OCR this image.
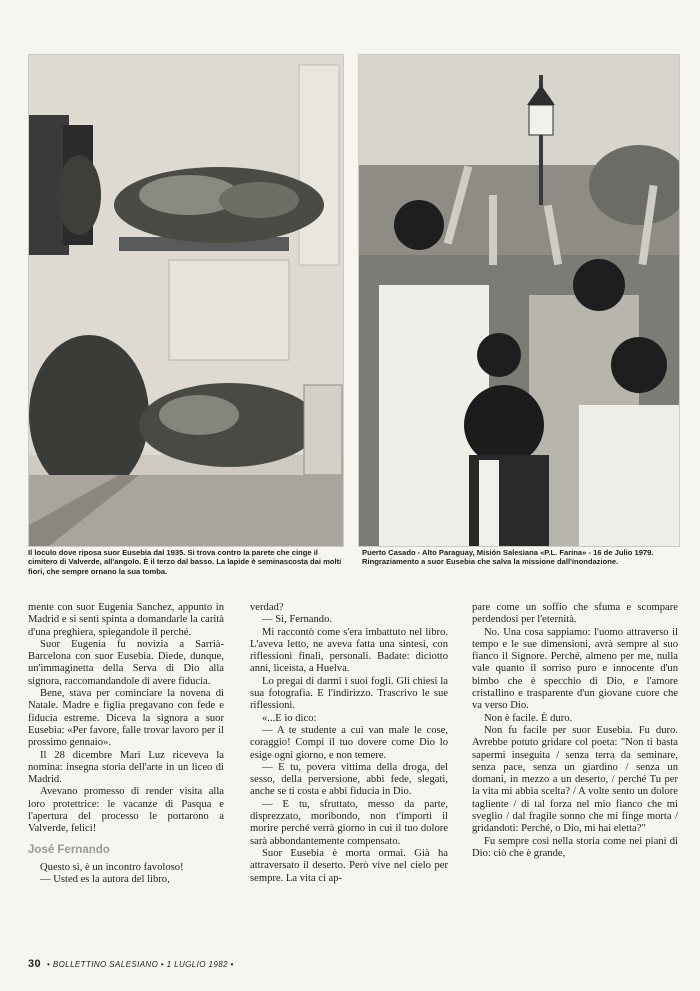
Il loculo dove riposa suor Eusebia dal 1935. Si trova contro la parete che cinge il cimitero di Valverde, all'angolo. È il terzo dal basso. La lapide è seminascosta dai molti fiori, che sempre ornano la sua tomba.
Puerto Casado - Alto Paraguay, Misión Salesiana «P.L. Farina» - 16 de Julio 1979.
Ringraziamento a suor Eusebia che salva la missione dall'inondazione.

mente con suor Eugenia Sanchez, appunto in Madrid e si sentì spinta a domandarle la carità d'una preghiera, spiegandole il perché.

Suor Eugenia fu novizia a Sarrià-Barcelona con suor Eusebia. Diede, dunque, un'immaginetta della Serva di Dio alla signora, raccomandandole di avere fiducia.

Bene, stava per cominciare la novena di Natale. Madre e figlia pregavano con fede e fiducia estreme. Diceva la signora a suor Eusebia: «Per favore, falle trovar lavoro per il prossimo gennaio».

Il 28 dicembre Mari Luz riceveva la nomina: insegna storia dell'arte in un liceo di Madrid.

Avevano promesso di render visita alla loro protettrice: le vacanze di Pasqua e l'apertura del processo le portarono a Valverde, felici!

José Fernando

Questo sì, è un incontro favoloso!

— Usted es la autora del libro,

verdad?

— Sì, Fernando.

Mi raccontò come s'era imbattuto nel libro. L'aveva letto, ne aveva fatta una sintesi, con riflessioni finali, personali. Badate: diciotto anni, liceista, a Huelva.

Lo pregai di darmi i suoi fogli. Gli chiesi la sua fotografia. E l'indirizzo. Trascrivo le sue riflessioni.

«...E io dico:

— A te studente a cui van male le cose, coraggio! Compi il tuo dovere come Dio lo esige ogni giorno, e non temere.

— E tu, povera vittima della droga, del sesso, della perversione, abbi fede, slegati, anche se ti costa e abbi fiducia in Dio.

— E tu, sfruttato, messo da parte, disprezzato, moribondo, non t'importi il morire perché verrà giorno in cui il tuo dolore sarà abbondantemente compensato.

Suor Eusebia è morta ormai. Già ha attraversato il deserto. Però vive nel cielo per sempre. La vita ci ap-

pare come un soffio che sfuma e scompare perdendosi per l'eternità.

No. Una cosa sappiamo: l'uomo attraverso il tempo e le sue dimensioni, avrà sempre al suo fianco il Signore. Perché, almeno per me, nulla vale quanto il sorriso puro e innocente d'un bimbo che è specchio di Dio, e l'amore cristallino e trasparente d'un giovane cuore che va verso Dio.

Non è facile. È duro.

Non fu facile per suor Eusebia. Fu duro. Avrebbe potuto gridare col poeta: "Non ti basta sapermi inseguita / senza terra da seminare, senza pace, senza un giardino / senza un domani, in mezzo a un deserto, / perché Tu per la vita mi abbia scelta? / A volte sento un dolore tagliente / di tal forza nel mio fianco che mi sveglio / dal fragile sonno che mi finge morta / gridandoti: Perché, o Dio, mi hai eletta?"

Fu sempre così nella storia come nei piani di Dio: ciò che è grande,

30 • BOLLETTINO SALESIANO • 1 LUGLIO 1982 •
